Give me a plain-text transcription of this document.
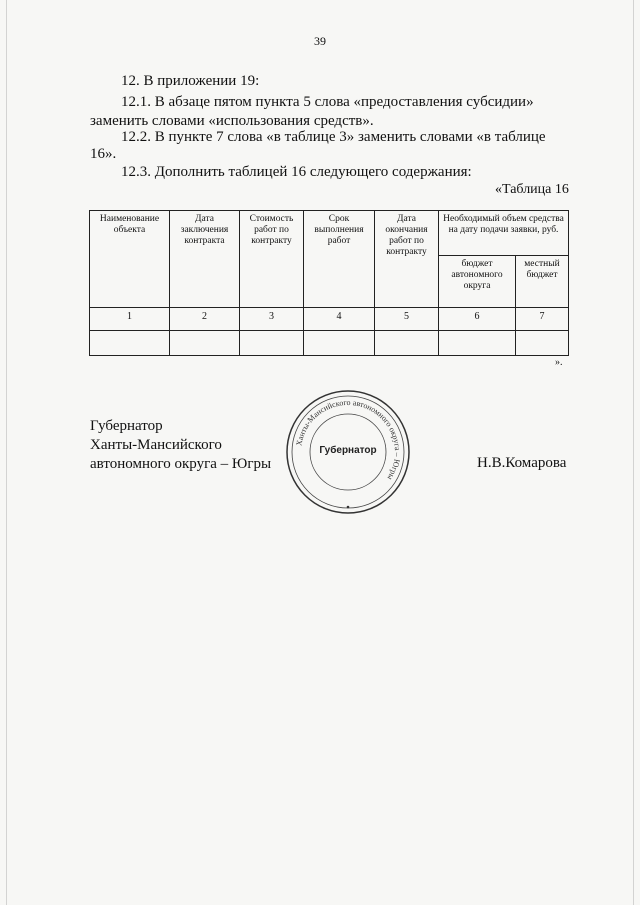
39

12. В приложении 19:

12.1. В абзаце пятом пункта 5 слова «предоставления субсидии»

заменить словами «использования средств».

12.2. В пункте 7 слова «в таблице 3» заменить словами «в таблице

16».

12.3. Дополнить таблицей 16 следующего содержания:

«Таблица 16

Наименование объекта	Дата заключения контракта	Стоимость работ по контракту	Срок выполнения работ	Дата окончания работ по контракту	Необходимый объем средства на дату подачи заявки, руб.	
					бюджет автономного округа	местный бюджет
1	2	3	4	5	6	7

».
Губернатор
Ханты-Мансийского
автономного округа – Югры	Н.В.Комарова
Ханты-Мансийского автономного округа – Югры
Губернатор
